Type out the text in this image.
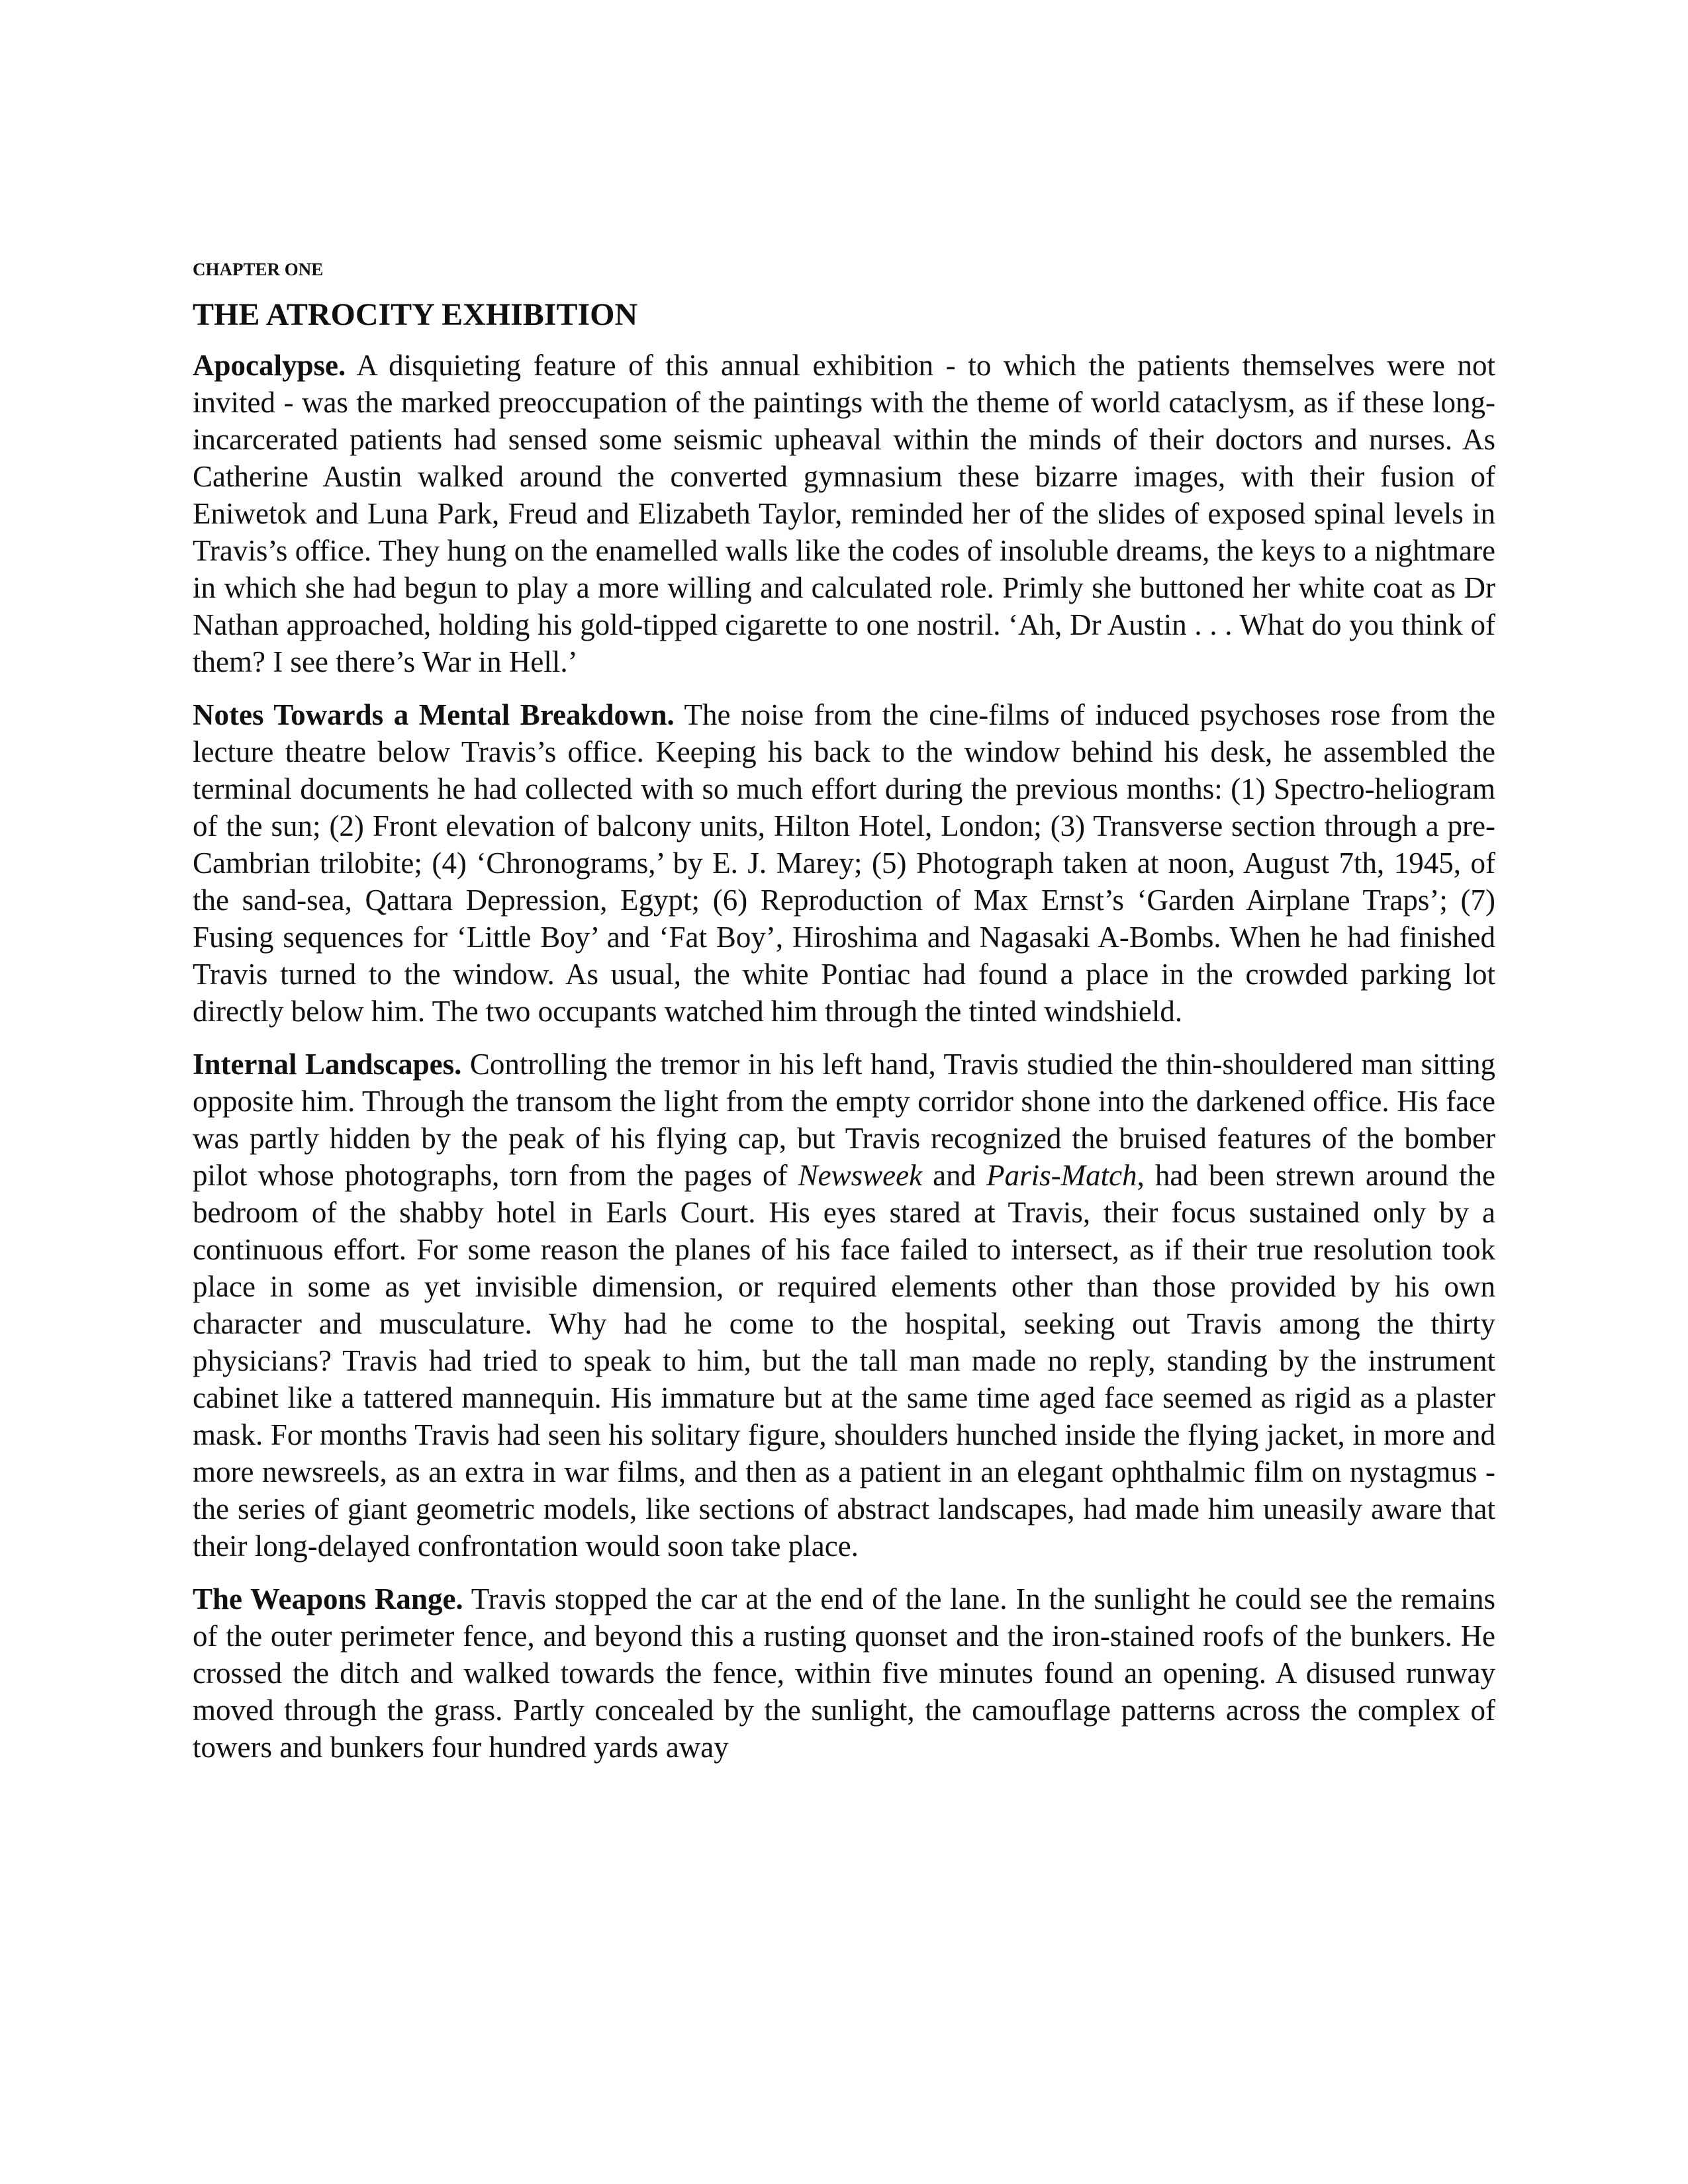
CHAPTER ONE

THE ATROCITY EXHIBITION

Apocalypse. A disquieting feature of this annual exhibition - to which the patients themselves were not invited - was the marked preoccupation of the paintings with the theme of world cataclysm, as if these long-incarcerated patients had sensed some seismic upheaval within the minds of their doctors and nurses. As Catherine Austin walked around the converted gymnasium these bizarre images, with their fusion of Eniwetok and Luna Park, Freud and Elizabeth Taylor, reminded her of the slides of exposed spinal levels in Travis’s office. They hung on the enamelled walls like the codes of insoluble dreams, the keys to a nightmare in which she had begun to play a more willing and calculated role. Primly she buttoned her white coat as Dr Nathan approached, holding his gold-tipped cigarette to one nostril. ‘Ah, Dr Austin . . . What do you think of them? I see there’s War in Hell.’

Notes Towards a Mental Breakdown. The noise from the cine-films of induced psychoses rose from the lecture theatre below Travis’s office. Keeping his back to the window behind his desk, he assembled the terminal documents he had collected with so much effort during the previous months: (1) Spectro-heliogram of the sun; (2) Front elevation of balcony units, Hilton Hotel, London; (3) Transverse section through a pre-Cambrian trilobite; (4) ‘Chronograms,’ by E. J. Marey; (5) Photograph taken at noon, August 7th, 1945, of the sand-sea, Qattara Depression, Egypt; (6) Reproduction of Max Ernst’s ‘Garden Airplane Traps’; (7) Fusing sequences for ‘Little Boy’ and ‘Fat Boy’, Hiroshima and Nagasaki A-Bombs. When he had finished Travis turned to the window. As usual, the white Pontiac had found a place in the crowded parking lot directly below him. The two occupants watched him through the tinted windshield.

Internal Landscapes. Controlling the tremor in his left hand, Travis studied the thin-shouldered man sitting opposite him. Through the transom the light from the empty corridor shone into the darkened office. His face was partly hidden by the peak of his flying cap, but Travis recognized the bruised features of the bomber pilot whose photographs, torn from the pages of Newsweek and Paris-Match, had been strewn around the bedroom of the shabby hotel in Earls Court. His eyes stared at Travis, their focus sustained only by a continuous effort. For some reason the planes of his face failed to intersect, as if their true resolution took place in some as yet invisible dimension, or required elements other than those provided by his own character and musculature. Why had he come to the hospital, seeking out Travis among the thirty physicians? Travis had tried to speak to him, but the tall man made no reply, standing by the instrument cabinet like a tattered mannequin. His immature but at the same time aged face seemed as rigid as a plaster mask. For months Travis had seen his solitary figure, shoulders hunched inside the flying jacket, in more and more newsreels, as an extra in war films, and then as a patient in an elegant ophthalmic film on nystagmus - the series of giant geometric models, like sections of abstract landscapes, had made him uneasily aware that their long-delayed confrontation would soon take place.

The Weapons Range. Travis stopped the car at the end of the lane. In the sunlight he could see the remains of the outer perimeter fence, and beyond this a rusting quonset and the iron-stained roofs of the bunkers. He crossed the ditch and walked towards the fence, within five minutes found an opening. A disused runway moved through the grass. Partly concealed by the sunlight, the camouflage patterns across the complex of towers and bunkers four hundred yards away
